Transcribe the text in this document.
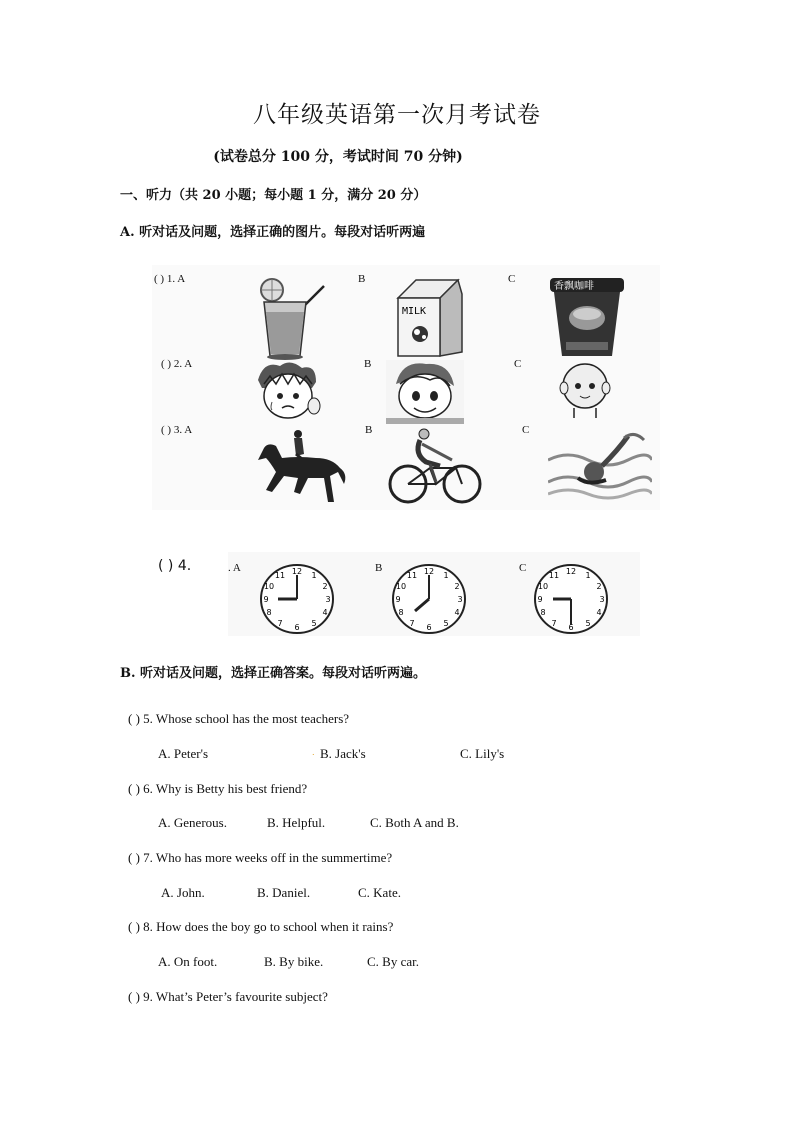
八年级英语第一次月考试卷
(试卷总分 100 分，考试时间 70 分钟)
一、听力（共 20 小题；每小题 1 分，满分 20 分）
A. 听对话及问题，选择正确的图片。每段对话听两遍
( ) 1. A	B	C
MILK
香飘咖啡
( ) 2. A	B	C
( ) 3. A	B	C
( ) 4.	. A	B	C
12 1
2
3
4
5
6
7
8
9
10
11	12 1
2
3
4
5
6
7
8
9
10
11	12 1
2
3
4
5
6
7
8
9
10
11
B. 听对话及问题，选择正确答案。每段对话听两遍。
( ) 5. Whose school has the most teachers?
A. Peter's	. B. Jack's	C. Lily's
( ) 6. Why is Betty his best friend?
A. Generous.	B. Helpful.	C. Both A and B.
( ) 7. Who has more weeks off in the summertime?
A. John.	B. Daniel.	C. Kate.
( ) 8. How does the boy go to school when it rains?
A. On foot.	B. By bike.	C. By car.
( ) 9. What’s Peter’s favourite subject?
